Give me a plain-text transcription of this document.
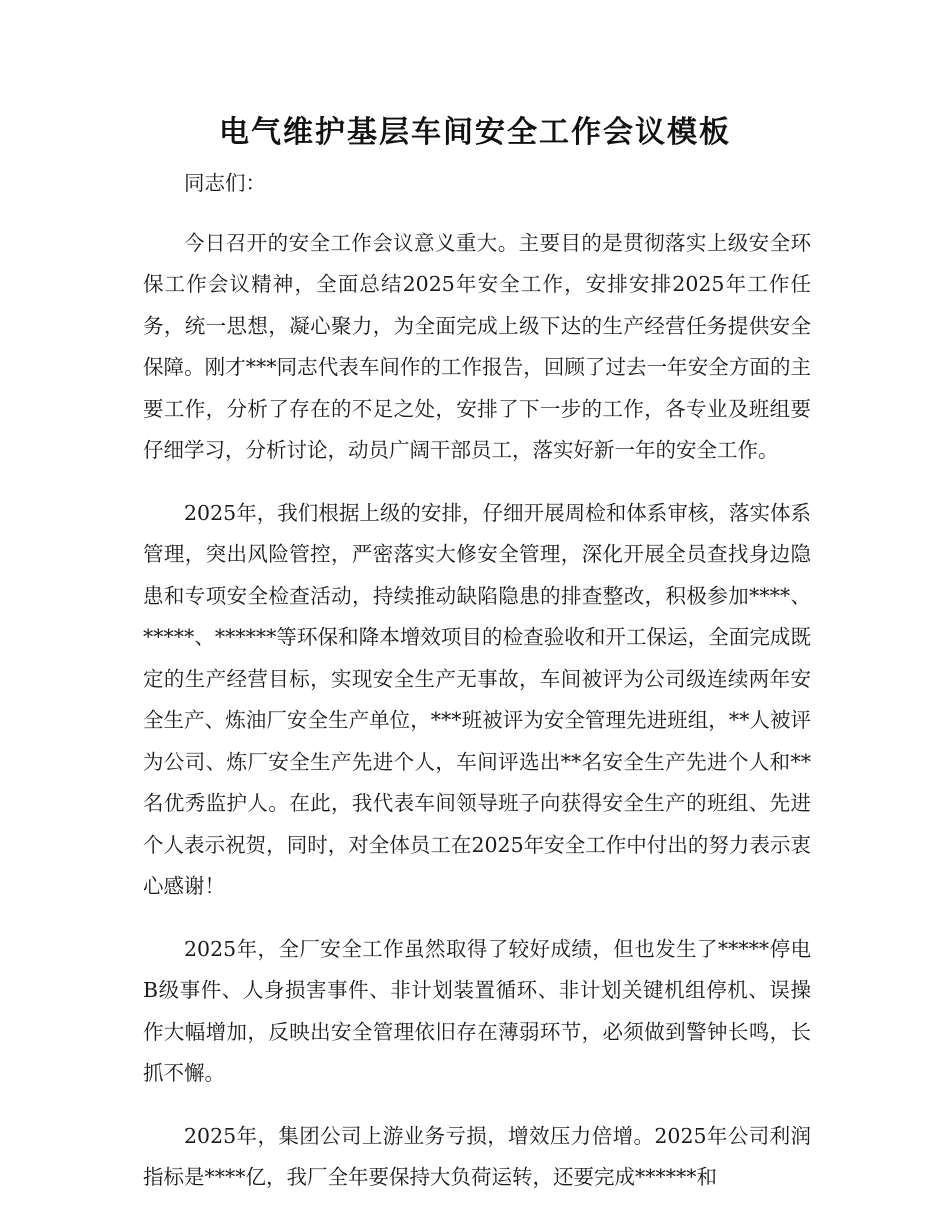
电气维护基层车间安全工作会议模板

同志们：

今日召开的安全工作会议意义重大。主要目的是贯彻落实上级安全环保工作会议精神，全面总结2025年安全工作，安排安排2025年工作任务，统一思想，凝心聚力，为全面完成上级下达的生产经营任务提供安全保障。刚才***同志代表车间作的工作报告，回顾了过去一年安全方面的主要工作，分析了存在的不足之处，安排了下一步的工作，各专业及班组要仔细学习，分析讨论，动员广阔干部员工，落实好新一年的安全工作。

2025年，我们根据上级的安排，仔细开展周检和体系审核，落实体系管理，突出风险管控，严密落实大修安全管理，深化开展全员查找身边隐患和专项安全检查活动，持续推动缺陷隐患的排查整改，积极参加****、*****、******等环保和降本增效项目的检查验收和开工保运，全面完成既定的生产经营目标，实现安全生产无事故，车间被评为公司级连续两年安全生产、炼油厂安全生产单位，***班被评为安全管理先进班组，**人被评为公司、炼厂安全生产先进个人，车间评选出**名安全生产先进个人和**名优秀监护人。在此，我代表车间领导班子向获得安全生产的班组、先进个人表示祝贺，同时，对全体员工在2025年安全工作中付出的努力表示衷心感谢！

2025年，全厂安全工作虽然取得了较好成绩，但也发生了*****停电B级事件、人身损害事件、非计划装置循环、非计划关键机组停机、误操作大幅增加，反映出安全管理依旧存在薄弱环节，必须做到警钟长鸣，长抓不懈。

2025年，集团公司上游业务亏损，增效压力倍增。2025年公司利润指标是****亿，我厂全年要保持大负荷运转，还要完成******和
